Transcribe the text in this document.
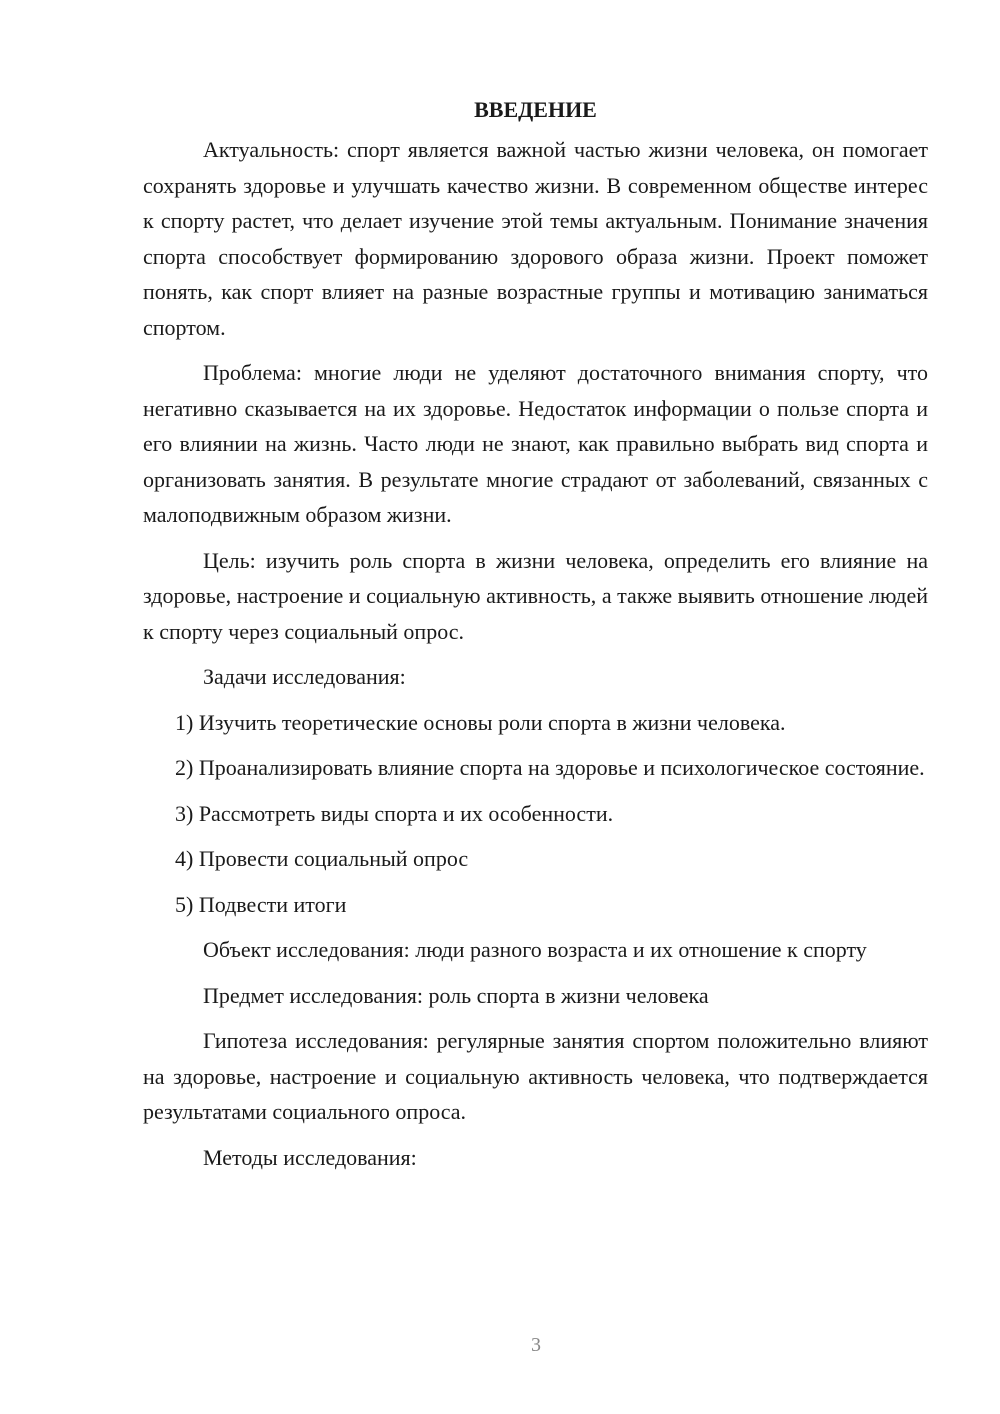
ВВЕДЕНИЕ

Актуальность: спорт является важной частью жизни человека, он помогает сохранять здоровье и улучшать качество жизни. В современном обществе интерес к спорту растет, что делает изучение этой темы актуальным. Понимание значения спорта способствует формированию здорового образа жизни. Проект поможет понять, как спорт влияет на разные возрастные группы и мотивацию заниматься спортом.

Проблема: многие люди не уделяют достаточного внимания спорту, что негативно сказывается на их здоровье. Недостаток информации о пользе спорта и его влиянии на жизнь. Часто люди не знают, как правильно выбрать вид спорта и организовать занятия. В результате многие страдают от заболеваний, связанных с малоподвижным образом жизни.

Цель: изучить роль спорта в жизни человека, определить его влияние на здоровье, настроение и социальную активность, а также выявить отношение людей к спорту через социальный опрос.

Задачи исследования:

1) Изучить теоретические основы роли спорта в жизни человека.

2) Проанализировать влияние спорта на здоровье и психологическое состояние.

3) Рассмотреть виды спорта и их особенности.

4) Провести социальный опрос

5) Подвести итоги

Объект исследования: люди разного возраста и их отношение к спорту

Предмет исследования: роль спорта в жизни человека

Гипотеза исследования: регулярные занятия спортом положительно влияют на здоровье, настроение и социальную активность человека, что подтверждается результатами социального опроса.

Методы исследования:

3
